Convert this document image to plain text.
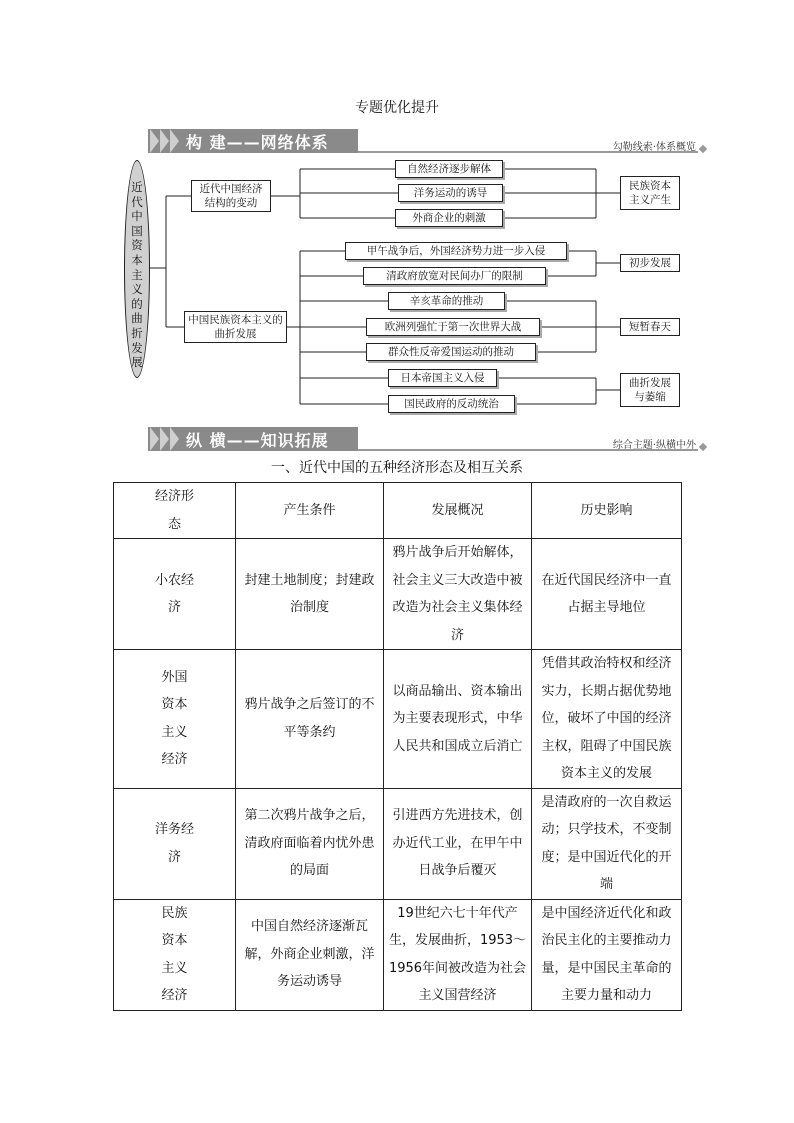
专题优化提升
构 建——网络体系	勾勒线索·体系概览
近代中国资本主义的曲折发展
近代中国经济结构的变动
自然经济逐步解体
洋务运动的诱导
外商企业的刺激
民族资本主义产生
中国民族资本主义的曲折发展
甲午战争后，外国经济势力进一步入侵
清政府放宽对民间办厂的限制
初步发展
辛亥革命的推动
欧洲列强忙于第一次世界大战
群众性反帝爱国运动的推动
短暂春天
日本帝国主义入侵
国民政府的反动统治
曲折发展与萎缩
纵 横——知识拓展	综合主题·纵横中外
一、近代中国的五种经济形态及相互关系
经济形态	产生条件	发展概况	历史影响
小农经济	封建土地制度；封建政治制度	鸦片战争后开始解体，社会主义三大改造中被改造为社会主义集体经济	在近代国民经济中一直占据主导地位
外国资本主义经济	鸦片战争之后签订的不平等条约	以商品输出、资本输出为主要表现形式，中华人民共和国成立后消亡	凭借其政治特权和经济实力，长期占据优势地位，破坏了中国的经济主权，阻碍了中国民族资本主义的发展
洋务经济	第二次鸦片战争之后，清政府面临着内忧外患的局面	引进西方先进技术，创办近代工业，在甲午中日战争后覆灭	是清政府的一次自救运动；只学技术，不变制度；是中国近代化的开端
民族资本主义经济	中国自然经济逐渐瓦解，外商企业刺激，洋务运动诱导	19世纪六七十年代产生，发展曲折，1953～1956年间被改造为社会主义国营经济	是中国经济近代化和政治民主化的主要推动力量，是中国民主革命的主要力量和动力
